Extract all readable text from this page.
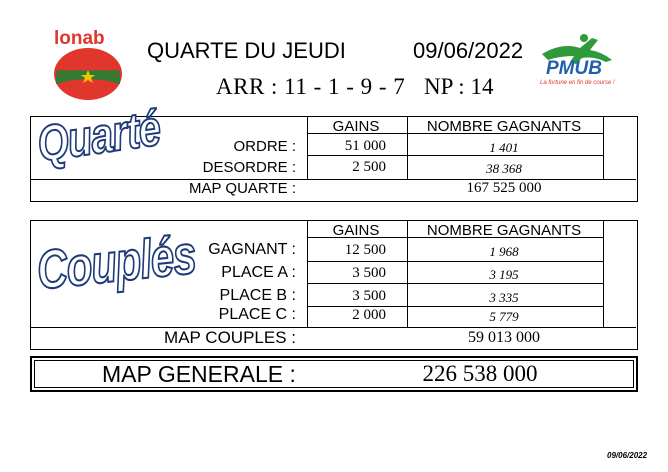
lonab QUARTE DU JEUDI	09/06/2022
ARR : 11 - 1 - 9 - 7 NP : 14
PMUB
La fortune en fin de course !
Quarté	GAINS	NOMBRE GAGNANTS
ORDRE :	51 000	1 401
DESORDRE :	2 500	38 368
MAP QUARTE :	167 525 000
Couplés	GAINS	NOMBRE GAGNANTS
GAGNANT :	12 500	1 968
PLACE A :	3 500	3 195
PLACE B :	3 500	3 335
PLACE C :	2 000	5 779
MAP COUPLES :	59 013 000
MAP GENERALE :	226 538 000
09/06/2022
